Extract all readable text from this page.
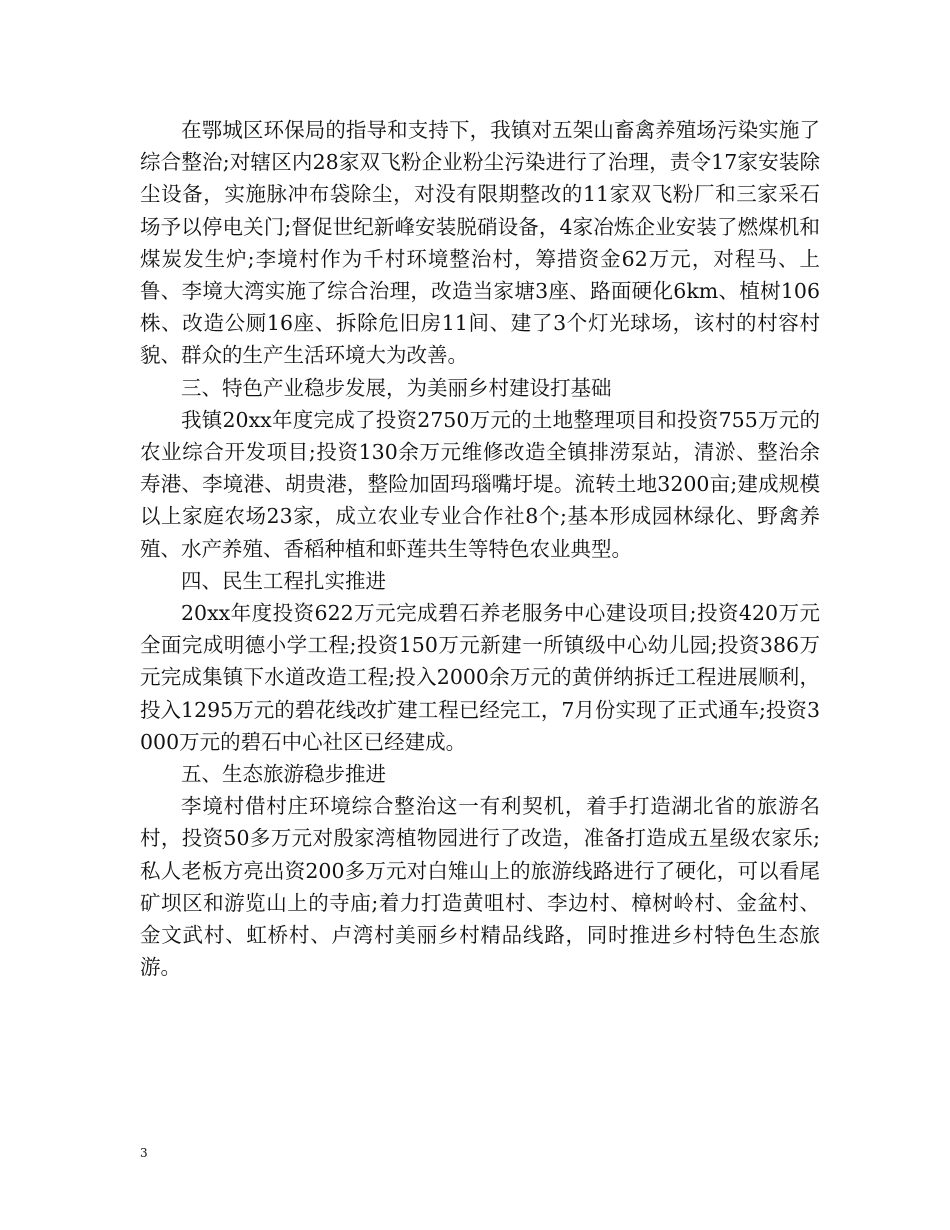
在鄂城区环保局的指导和支持下，我镇对五架山畜禽养殖场污染实施了综合整治;对辖区内28家双飞粉企业粉尘污染进行了治理，责令17家安装除尘设备，实施脉冲布袋除尘，对没有限期整改的11家双飞粉厂和三家采石场予以停电关门;督促世纪新峰安装脱硝设备，4家冶炼企业安装了燃煤机和煤炭发生炉;李境村作为千村环境整治村，筹措资金62万元，对程马、上鲁、李境大湾实施了综合治理，改造当家塘3座、路面硬化6km、植树106株、改造公厕16座、拆除危旧房11间、建了3个灯光球场，该村的村容村貌、群众的生产生活环境大为改善。

三、特色产业稳步发展，为美丽乡村建设打基础

我镇20xx年度完成了投资2750万元的土地整理项目和投资755万元的农业综合开发项目;投资130余万元维修改造全镇排涝泵站，清淤、整治余寿港、李境港、胡贵港，整险加固玛瑙嘴圩堤。流转土地3200亩;建成规模以上家庭农场23家，成立农业专业合作社8个;基本形成园林绿化、野禽养殖、水产养殖、香稻种植和虾莲共生等特色农业典型。

四、民生工程扎实推进

20xx年度投资622万元完成碧石养老服务中心建设项目;投资420万元全面完成明德小学工程;投资150万元新建一所镇级中心幼儿园;投资386万元完成集镇下水道改造工程;投入2000余万元的黄併纳拆迁工程进展顺利，投入1295万元的碧花线改扩建工程已经完工，7月份实现了正式通车;投资3000万元的碧石中心社区已经建成。

五、生态旅游稳步推进

李境村借村庄环境综合整治这一有利契机，着手打造湖北省的旅游名村，投资50多万元对殷家湾植物园进行了改造，准备打造成五星级农家乐;私人老板方亮出资200多万元对白雉山上的旅游线路进行了硬化，可以看尾矿坝区和游览山上的寺庙;着力打造黄咀村、李边村、樟树岭村、金盆村、金文武村、虹桥村、卢湾村美丽乡村精品线路，同时推进乡村特色生态旅游。

3
